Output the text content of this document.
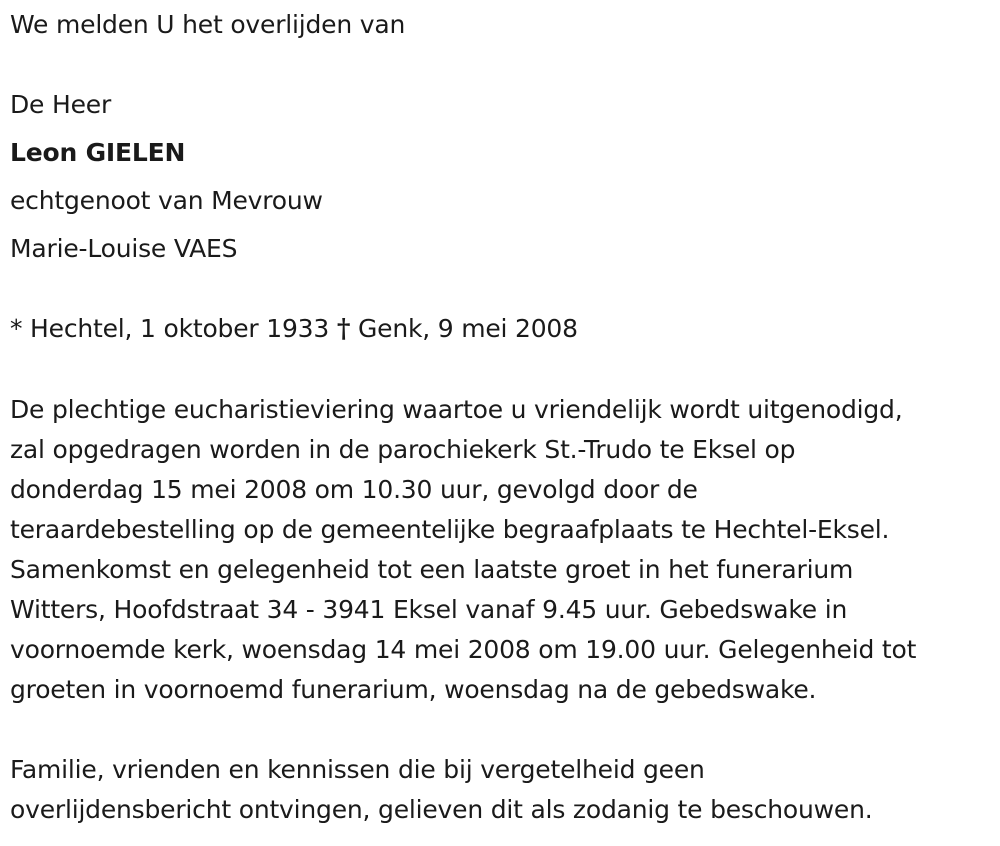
We melden U het overlijden van
De Heer
Leon GIELEN
echtgenoot van Mevrouw
Marie-Louise VAES
* Hechtel, 1 oktober 1933 † Genk, 9 mei 2008
De plechtige eucharistieviering waartoe u vriendelijk wordt uitgenodigd,
zal opgedragen worden in de parochiekerk St.-Trudo te Eksel op
donderdag 15 mei 2008 om 10.30 uur, gevolgd door de
teraardebestelling op de gemeentelijke begraafplaats te Hechtel-Eksel.
Samenkomst en gelegenheid tot een laatste groet in het funerarium
Witters, Hoofdstraat 34 - 3941 Eksel vanaf 9.45 uur. Gebedswake in
voornoemde kerk, woensdag 14 mei 2008 om 19.00 uur. Gelegenheid tot
groeten in voornoemd funerarium, woensdag na de gebedswake.
Familie, vrienden en kennissen die bij vergetelheid geen
overlijdensbericht ontvingen, gelieven dit als zodanig te beschouwen.
